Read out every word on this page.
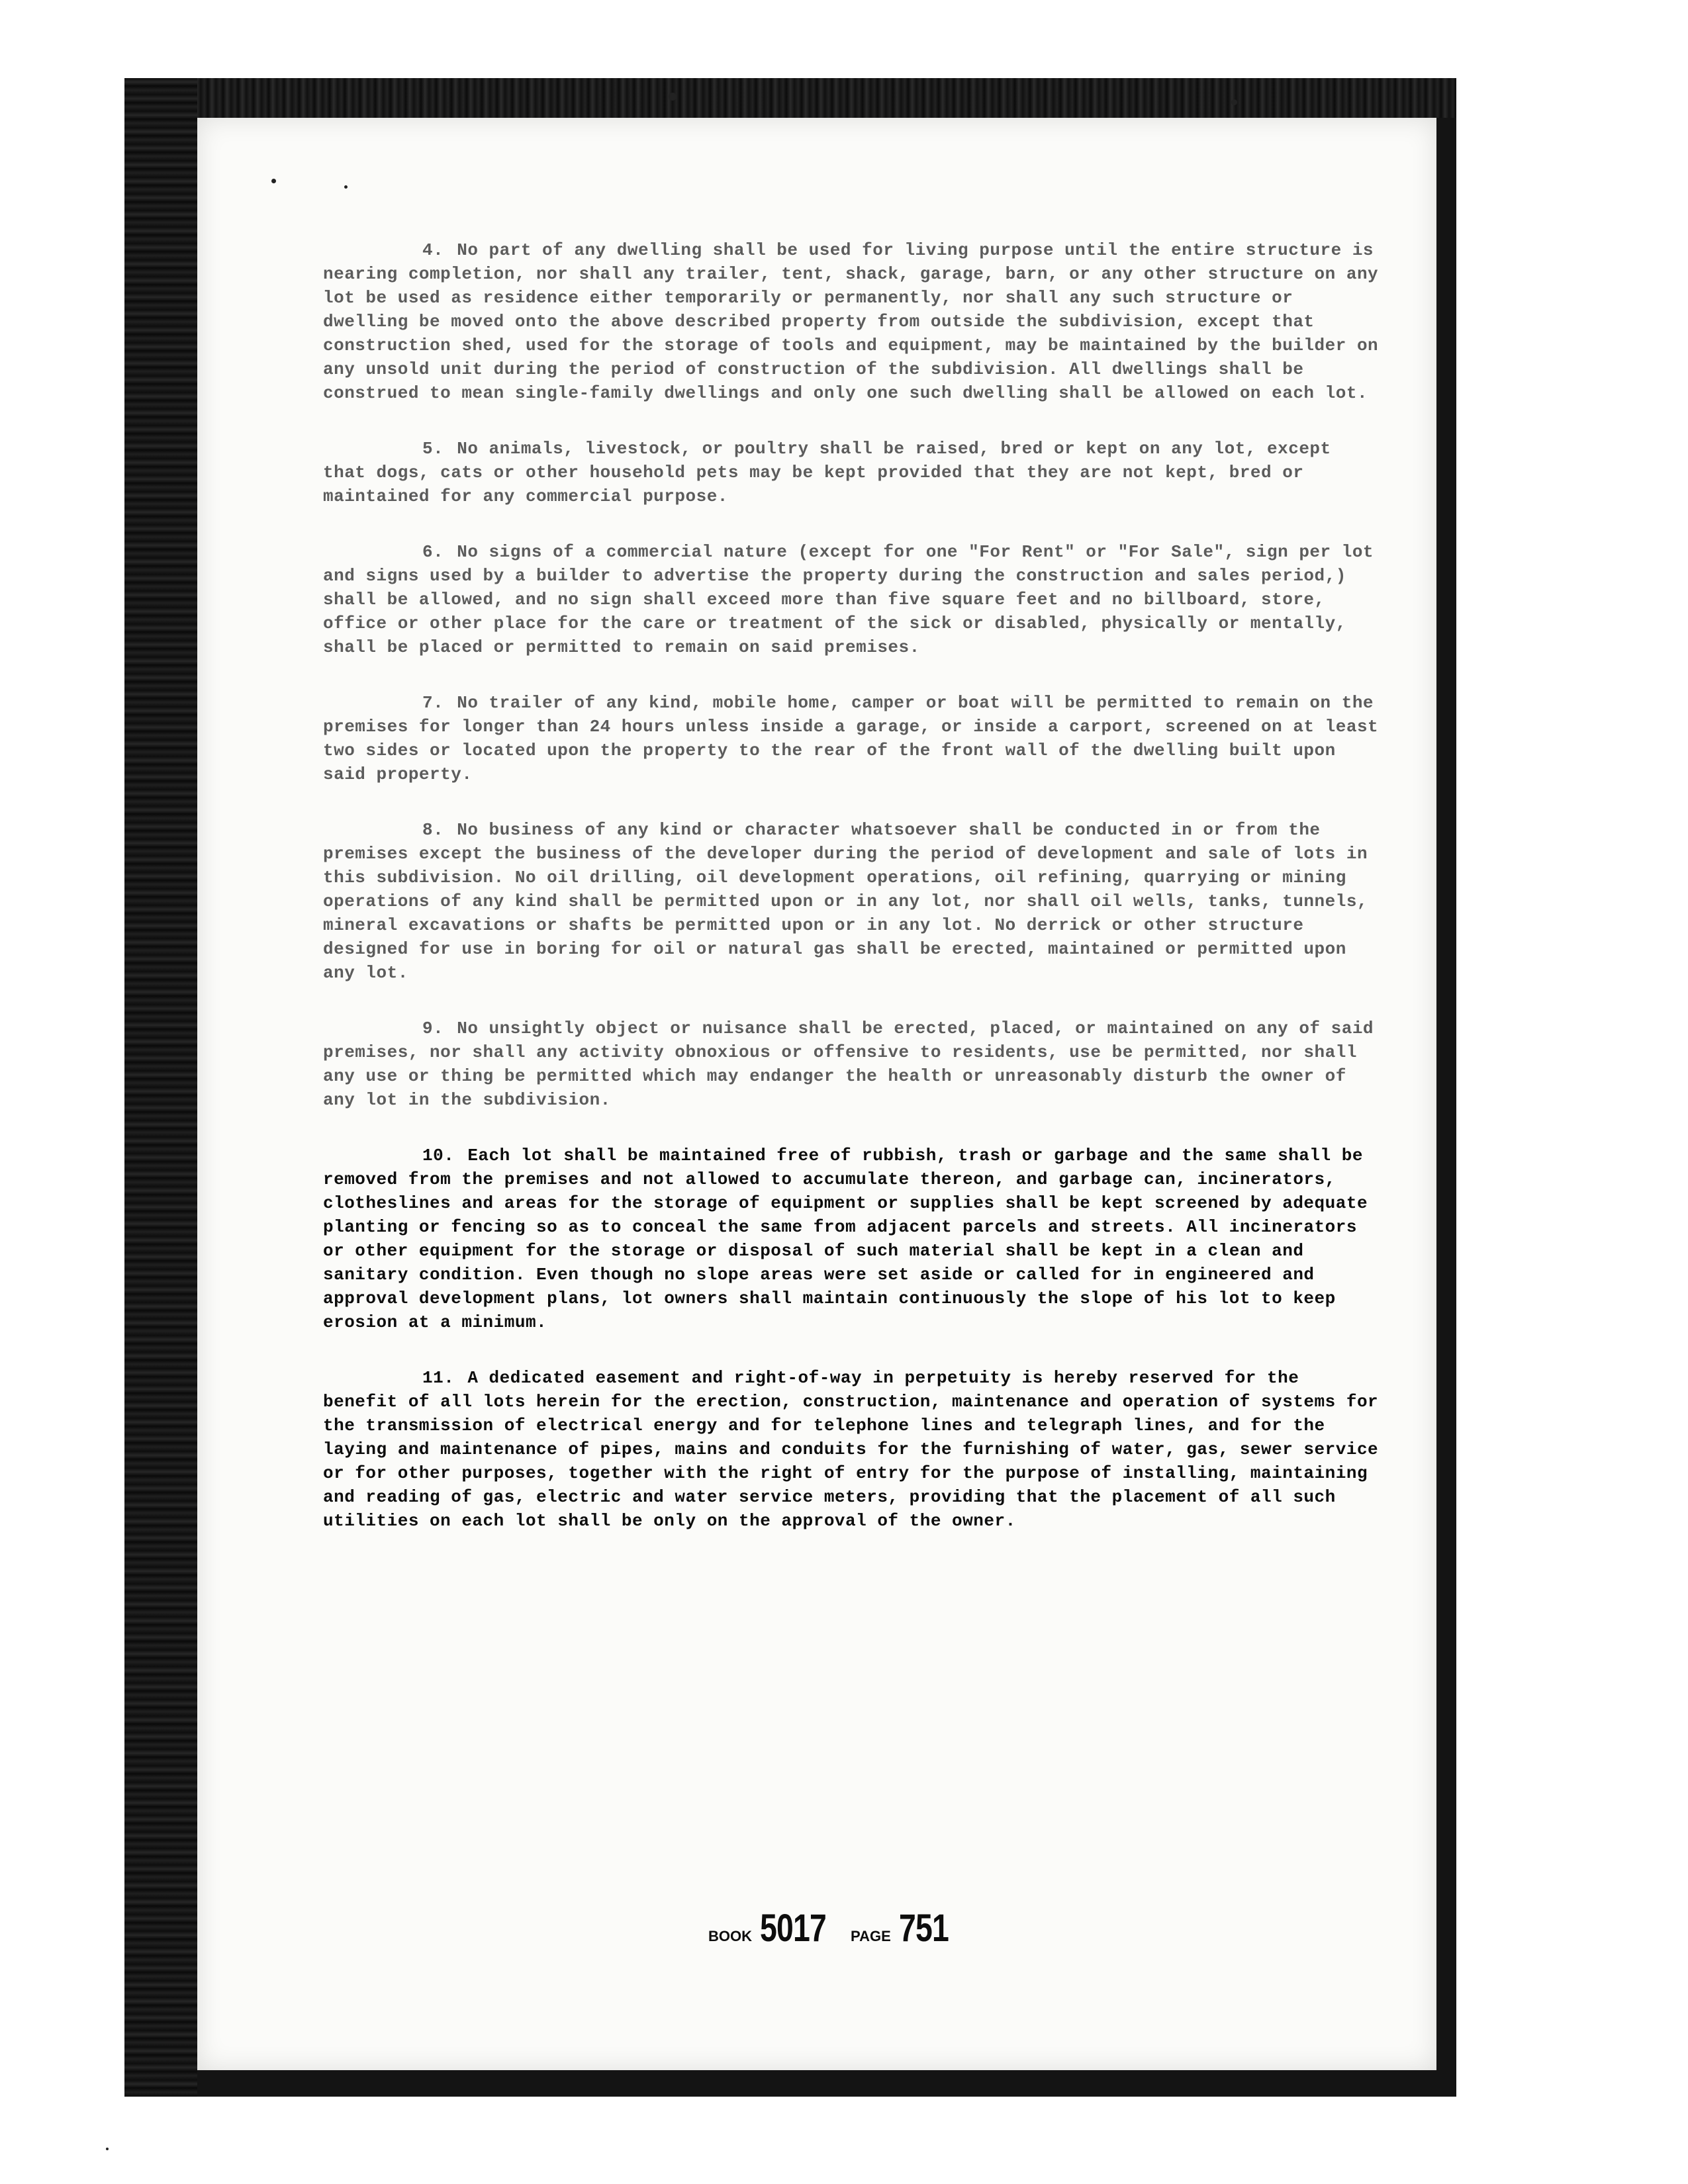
4. No part of any dwelling shall be used for living purpose until the entire structure is nearing completion, nor shall any trailer, tent, shack, garage, barn, or any other structure on any lot be used as residence either temporarily or permanently, nor shall any such structure or dwelling be moved onto the above described property from outside the subdivision, except that construction shed, used for the storage of tools and equipment, may be maintained by the builder on any unsold unit during the period of construction of the subdivision. All dwellings shall be construed to mean single-family dwellings and only one such dwelling shall be allowed on each lot.

5. No animals, livestock, or poultry shall be raised, bred or kept on any lot, except that dogs, cats or other household pets may be kept provided that they are not kept, bred or maintained for any commercial purpose.

6. No signs of a commercial nature (except for one "For Rent" or "For Sale", sign per lot and signs used by a builder to advertise the property during the construction and sales period,) shall be allowed, and no sign shall exceed more than five square feet and no billboard, store, office or other place for the care or treatment of the sick or disabled, physically or mentally, shall be placed or permitted to remain on said premises.

7. No trailer of any kind, mobile home, camper or boat will be permitted to remain on the premises for longer than 24 hours unless inside a garage, or inside a carport, screened on at least two sides or located upon the property to the rear of the front wall of the dwelling built upon said property.

8. No business of any kind or character whatsoever shall be conducted in or from the premises except the business of the developer during the period of development and sale of lots in this subdivision. No oil drilling, oil development operations, oil refining, quarrying or mining operations of any kind shall be permitted upon or in any lot, nor shall oil wells, tanks, tunnels, mineral excavations or shafts be permitted upon or in any lot. No derrick or other structure designed for use in boring for oil or natural gas shall be erected, maintained or permitted upon any lot.

9. No unsightly object or nuisance shall be erected, placed, or maintained on any of said premises, nor shall any activity obnoxious or offensive to residents, use be permitted, nor shall any use or thing be permitted which may endanger the health or unreasonably disturb the owner of any lot in the subdivision.

10. Each lot shall be maintained free of rubbish, trash or garbage and the same shall be removed from the premises and not allowed to accumulate thereon, and garbage can, incinerators, clotheslines and areas for the storage of equipment or supplies shall be kept screened by adequate planting or fencing so as to conceal the same from adjacent parcels and streets. All incinerators or other equipment for the storage or disposal of such material shall be kept in a clean and sanitary condition. Even though no slope areas were set aside or called for in engineered and approval development plans, lot owners shall maintain continuously the slope of his lot to keep erosion at a minimum.

11. A dedicated easement and right-of-way in perpetuity is hereby reserved for the benefit of all lots herein for the erection, construction, maintenance and operation of systems for the transmission of electrical energy and for telephone lines and telegraph lines, and for the laying and maintenance of pipes, mains and conduits for the furnishing of water, gas, sewer service or for other purposes, together with the right of entry for the purpose of installing, maintaining and reading of gas, electric and water service meters, providing that the placement of all such utilities on each lot shall be only on the approval of the owner.

BOOK 5017 PAGE 751
